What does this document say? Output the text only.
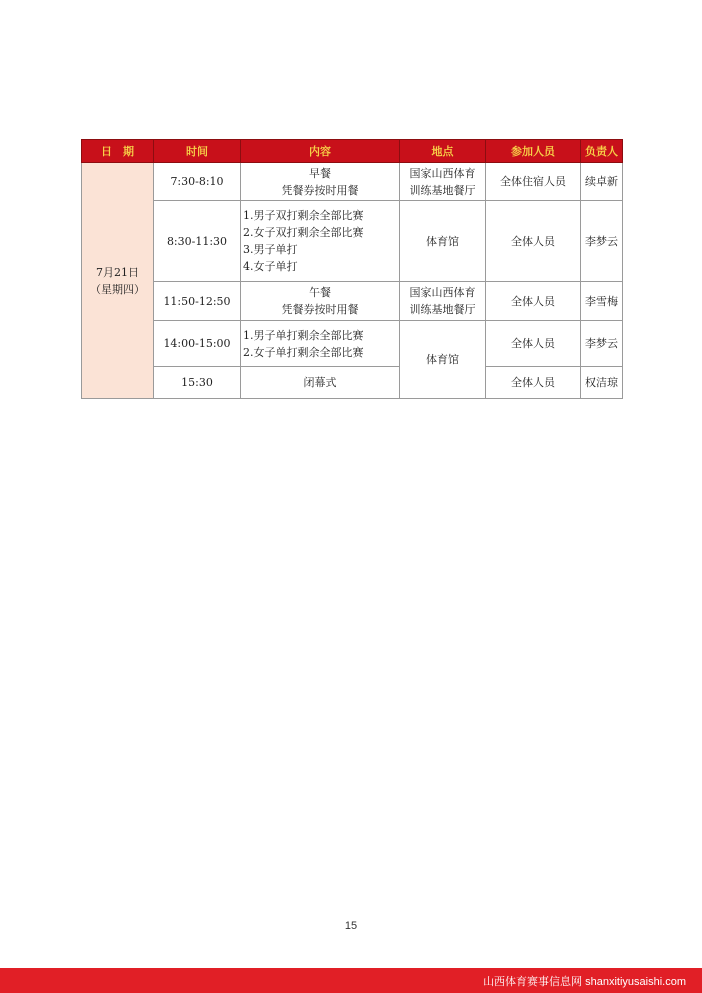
日　期	时间	内容	地点	参加人员	负责人

7月21日
（星期四）	7:30-8:10	早餐
凭餐券按时用餐	国家山西体育
训练基地餐厅	全体住宿人员	续卓新
	8:30-11:30	1.男子双打剩余全部比赛
2.女子双打剩余全部比赛
3.男子单打
4.女子单打	体育馆	全体人员	李梦云
	11:50-12:50	午餐
凭餐券按时用餐	国家山西体育
训练基地餐厅	全体人员	李雪梅
	14:00-15:00	1.男子单打剩余全部比赛
2.女子单打剩余全部比赛	体育馆	全体人员	李梦云
	15:30	闭幕式		全体人员	权洁琼
15
山西体育赛事信息网 shanxitiyusaishi.com
